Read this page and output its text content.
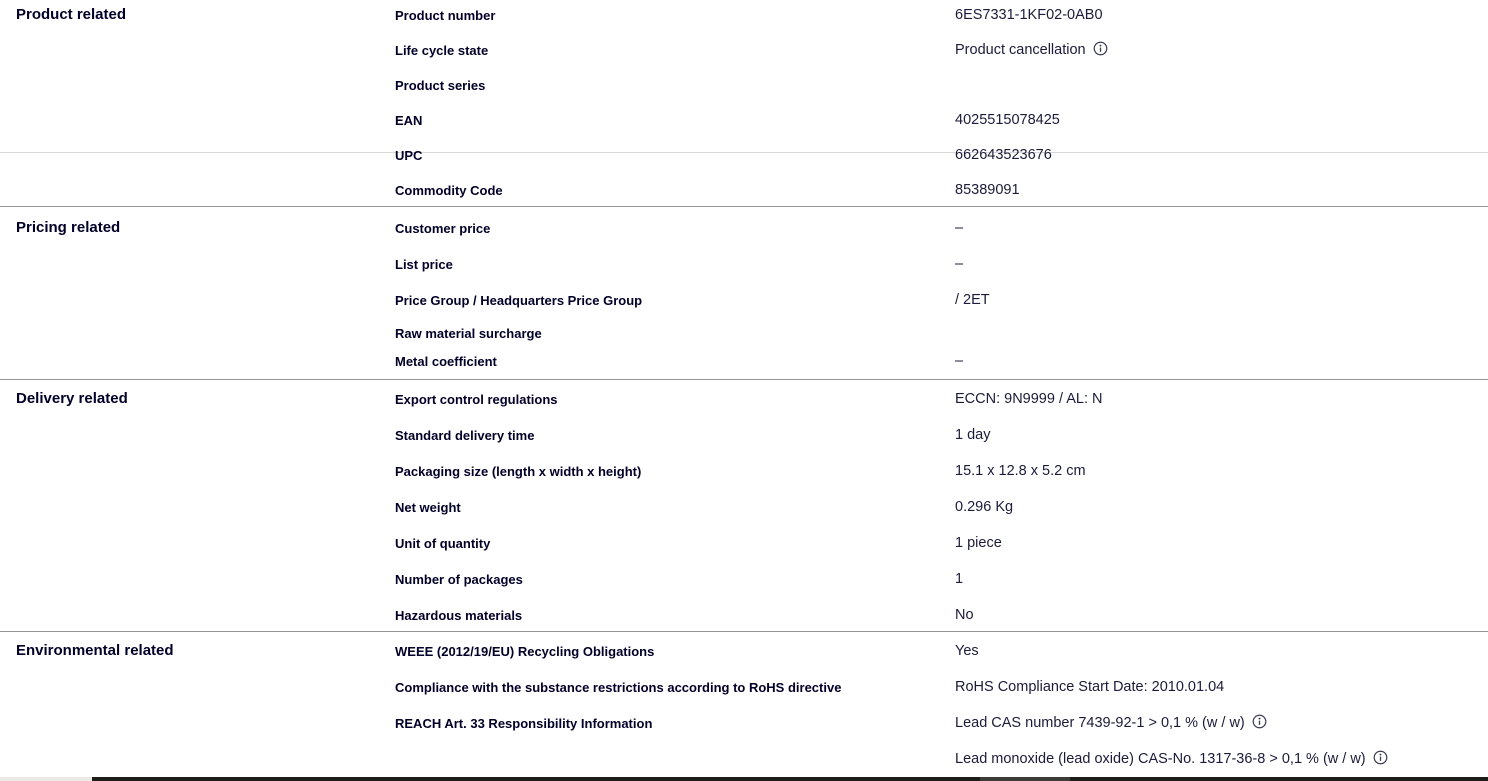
Product related	Product number	6ES7331-1KF02-0AB0
Life cycle state	Product cancellation
Product series
EAN	4025515078425
UPC	662643523676
Commodity Code	85389091
Pricing related	Customer price	–
List price	–
Price Group / Headquarters Price Group	/ 2ET
Raw material surcharge
Metal coefficient	–
Delivery related	Export control regulations	ECCN: 9N9999 / AL: N
Standard delivery time	1 day
Packaging size (length x width x height)	15.1 x 12.8 x 5.2 cm
Net weight	0.296 Kg
Unit of quantity	1 piece
Number of packages	1
Hazardous materials	No
Environmental related	WEEE (2012/19/EU) Recycling Obligations	Yes
Compliance with the substance restrictions according to RoHS directive	RoHS Compliance Start Date: 2010.01.04
REACH Art. 33 Responsibility Information	Lead CAS number 7439-92-1 > 0,1 % (w / w)
Lead monoxide (lead oxide) CAS-No. 1317-36-8 > 0,1 % (w / w)
